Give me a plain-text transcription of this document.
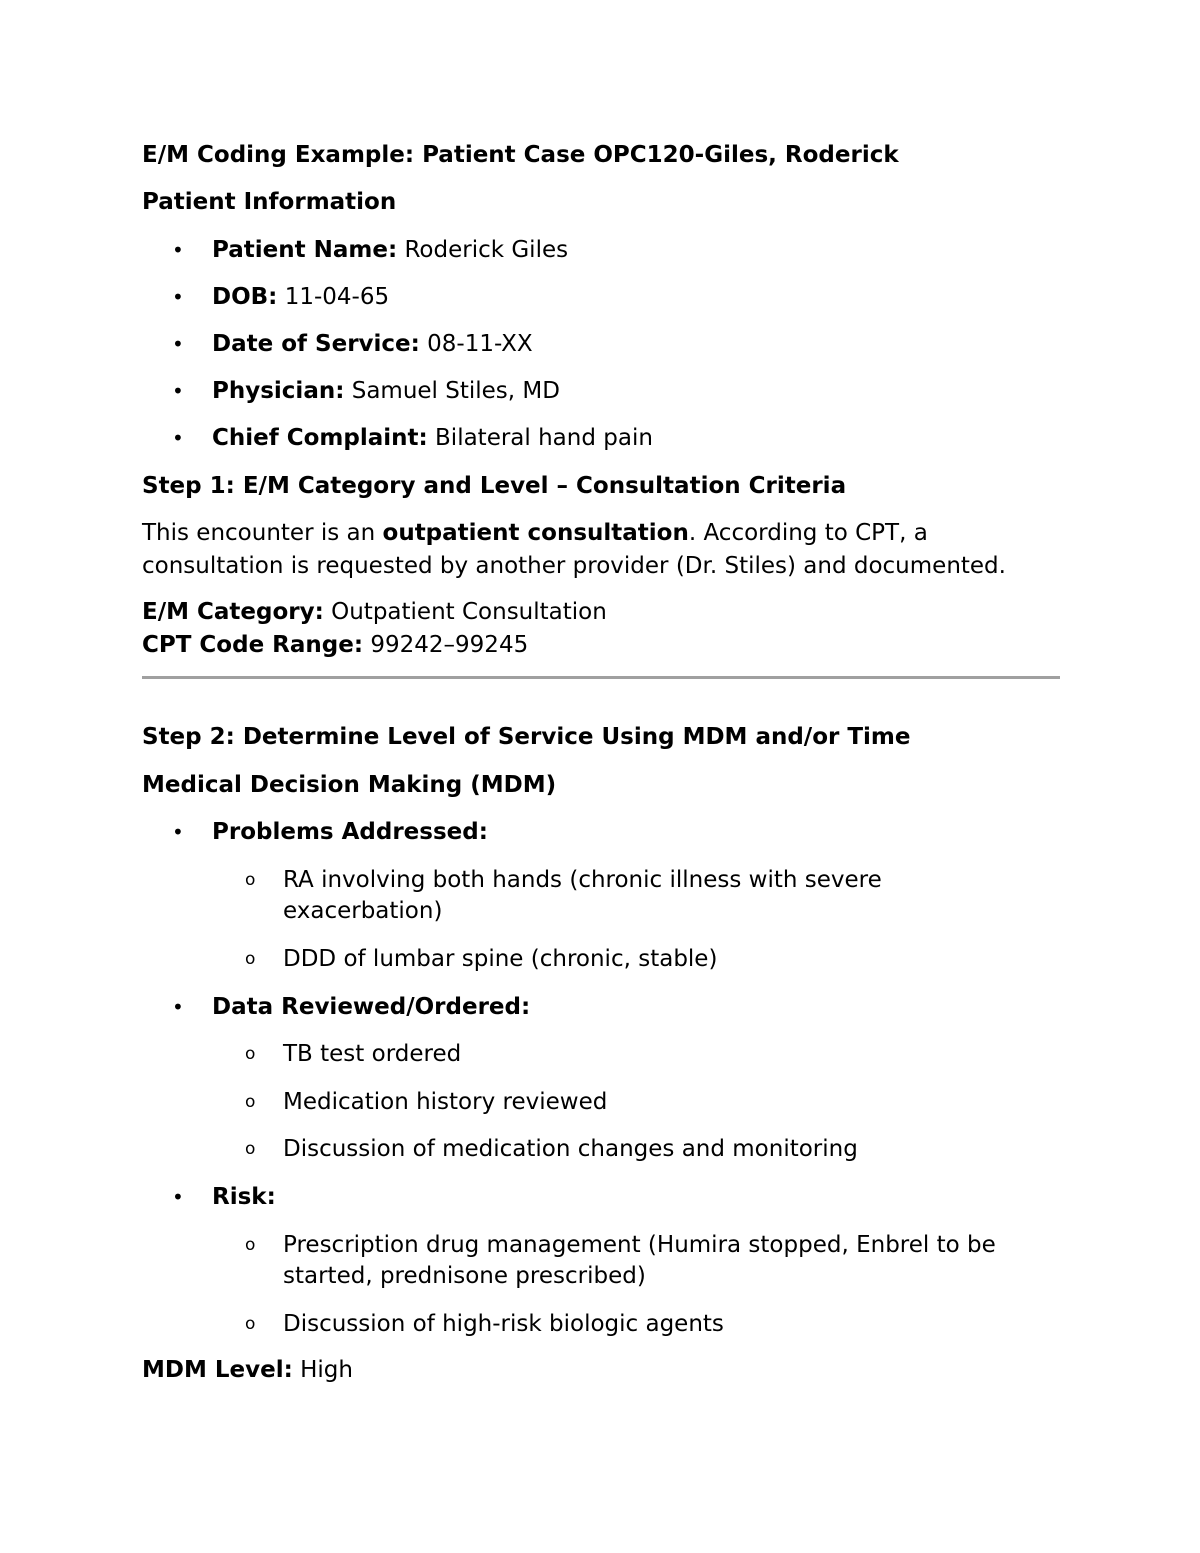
E/M Coding Example: Patient Case OPC120-Giles, Roderick
Patient Information
• Patient Name: Roderick Giles
• DOB: 11-04-65
• Date of Service: 08-11-XX
• Physician: Samuel Stiles, MD
• Chief Complaint: Bilateral hand pain
Step 1: E/M Category and Level – Consultation Criteria
This encounter is an outpatient consultation. According to CPT, a
consultation is requested by another provider (Dr. Stiles) and documented.
E/M Category: Outpatient Consultation
CPT Code Range: 99242–99245
Step 2: Determine Level of Service Using MDM and/or Time
Medical Decision Making (MDM)
• Problems Addressed:
o RA involving both hands (chronic illness with severe
exacerbation)
o DDD of lumbar spine (chronic, stable)
• Data Reviewed/Ordered:
o TB test ordered
o Medication history reviewed
o Discussion of medication changes and monitoring
• Risk:
o Prescription drug management (Humira stopped, Enbrel to be
started, prednisone prescribed)
o Discussion of high-risk biologic agents
MDM Level: High
